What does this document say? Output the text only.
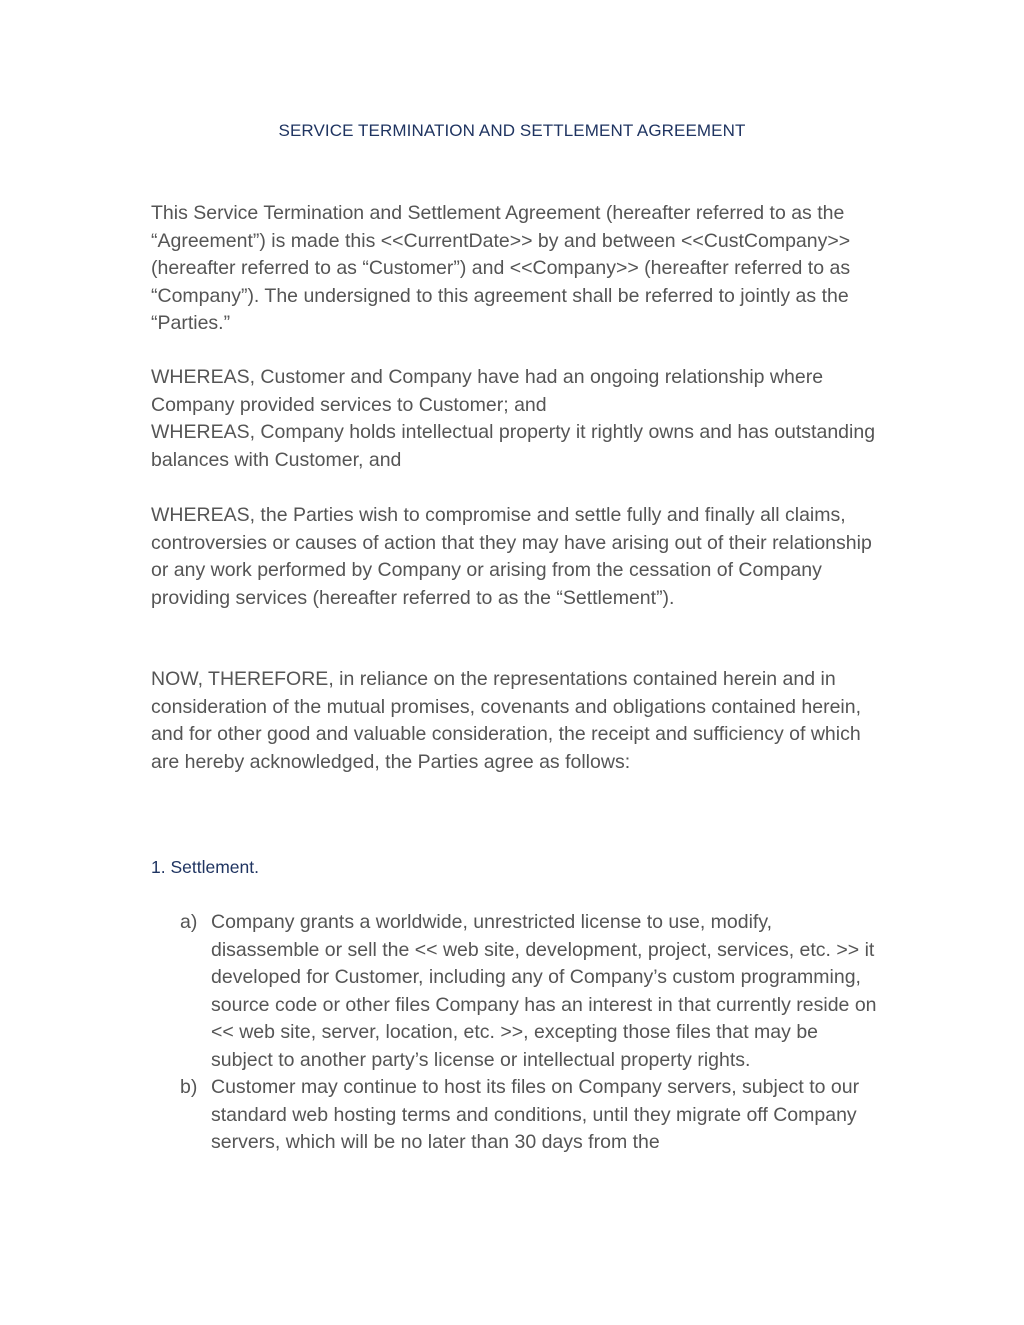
SERVICE TERMINATION AND SETTLEMENT AGREEMENT

This Service Termination and Settlement Agreement (hereafter referred to as the “Agreement”) is made this <<CurrentDate>> by and between <<CustCompany>> (hereafter referred to as “Customer”) and <<Company>> (hereafter referred to as “Company”). The undersigned to this agreement shall be referred to jointly as the “Parties.”

WHEREAS, Customer and Company have had an ongoing relationship where Company provided services to Customer; and
WHEREAS, Company holds intellectual property it rightly owns and has outstanding balances with Customer, and

WHEREAS, the Parties wish to compromise and settle fully and finally all claims, controversies or causes of action that they may have arising out of their relationship or any work performed by Company or arising from the cessation of Company providing services (hereafter referred to as the “Settlement”).

NOW, THEREFORE, in reliance on the representations contained herein and in consideration of the mutual promises, covenants and obligations contained herein, and for other good and valuable consideration, the receipt and sufficiency of which are hereby acknowledged, the Parties agree as follows:

1. Settlement.
a) Company grants a worldwide, unrestricted license to use, modify, disassemble or sell the << web site, development, project, services, etc. >> it developed for Customer, including any of Company’s custom programming, source code or other files Company has an interest in that currently reside on << web site, server, location, etc. >>, excepting those files that may be subject to another party’s license or intellectual property rights.
b) Customer may continue to host its files on Company servers, subject to our standard web hosting terms and conditions, until they migrate off Company servers, which will be no later than 30 days from the
